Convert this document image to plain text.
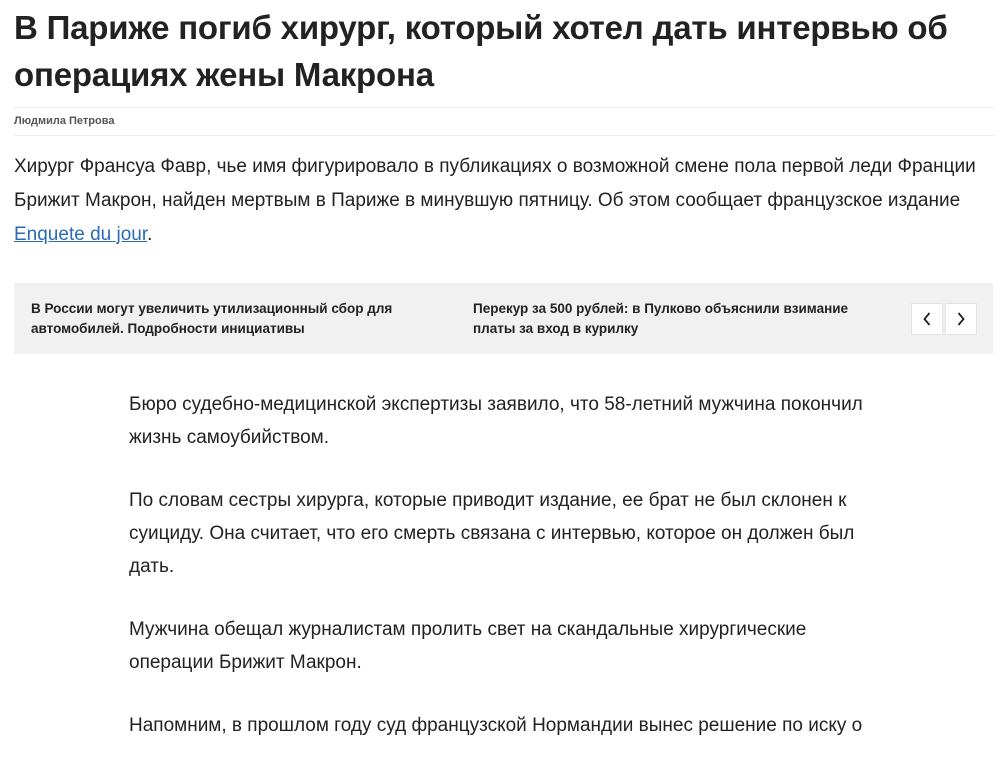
В Париже погиб хирург, который хотел дать интервью об операциях жены Макрона
Людмила Петрова

Хирург Франсуа Фавр, чье имя фигурировало в публикациях о возможной смене пола первой леди Франции Брижит Макрон, найден мертвым в Париже в минувшую пятницу. Об этом сообщает французское издание Enquete du jour.

В России могут увеличить утилизационный сбор для автомобилей. Подробности инициативы
Перекур за 500 рублей: в Пулково объяснили взимание платы за вход в курилку

Бюро судебно-медицинской экспертизы заявило, что 58-летний мужчина покончил жизнь самоубийством.

По словам сестры хирурга, которые приводит издание, ее брат не был склонен к суициду. Она считает, что его смерть связана с интервью, которое он должен был дать.

Мужчина обещал журналистам пролить свет на скандальные хирургические операции Брижит Макрон.

Напомним, в прошлом году суд французской Нормандии вынес решение по иску о
